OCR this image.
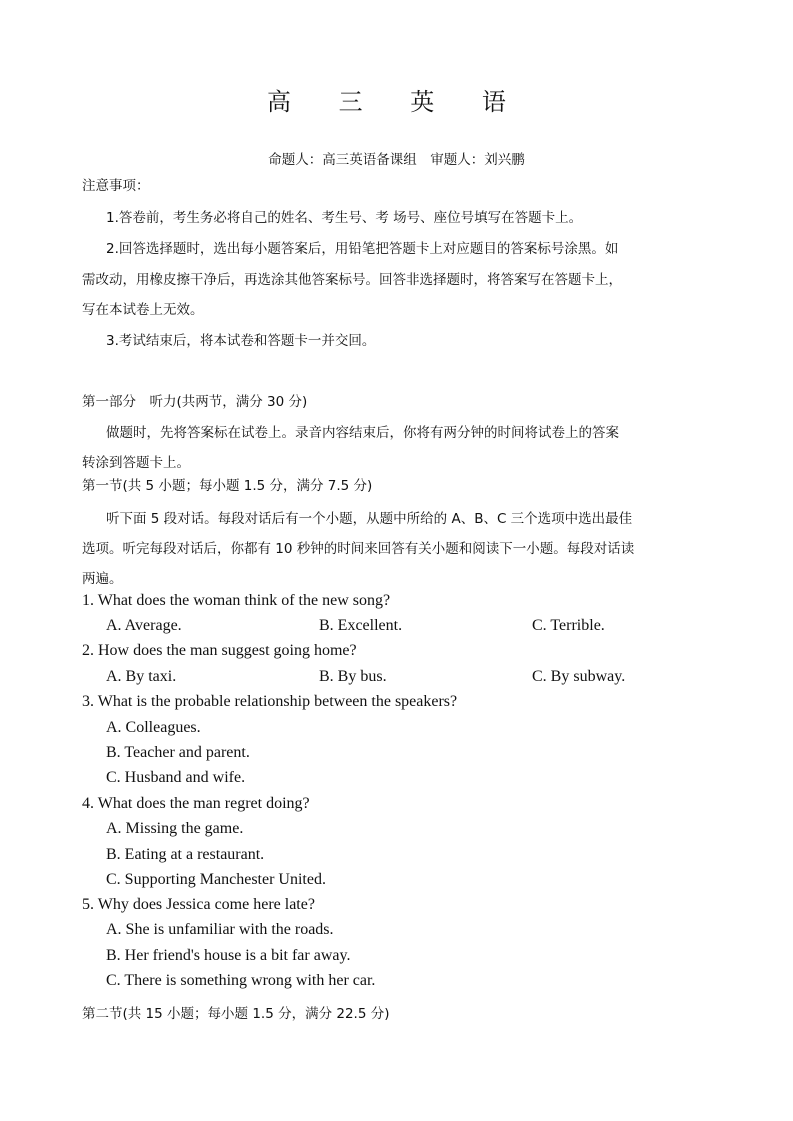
高 三 英 语
命题人：高三英语备课组　审题人：刘兴鹏
注意事项：
1.答卷前，考生务必将自己的姓名、考生号、考 场号、座位号填写在答题卡上。
2.回答选择题时，选出每小题答案后，用铅笔把答题卡上对应题目的答案标号涂黑。如
需改动，用橡皮擦干净后，再选涂其他答案标号。回答非选择题时，将答案写在答题卡上，
写在本试卷上无效。
3.考试结束后，将本试卷和答题卡一并交回。
第一部分　听力(共两节，满分 30 分)
做题时，先将答案标在试卷上。录音内容结束后，你将有两分钟的时间将试卷上的答案
转涂到答题卡上。
第一节(共 5 小题；每小题 1.5 分，满分 7.5 分)
听下面 5 段对话。每段对话后有一个小题，从题中所给的 A、B、C 三个选项中选出最佳
选项。听完每段对话后，你都有 10 秒钟的时间来回答有关小题和阅读下一小题。每段对话读
两遍。
1. What does the woman think of the new song?
A. Average.	B. Excellent.	C. Terrible.
2. How does the man suggest going home?
A. By taxi.	B. By bus.	C. By subway.
3. What is the probable relationship between the speakers?
A. Colleagues.
B. Teacher and parent.
C. Husband and wife.
4. What does the man regret doing?
A. Missing the game.
B. Eating at a restaurant.
C. Supporting Manchester United.
5. Why does Jessica come here late?
A. She is unfamiliar with the roads.
B. Her friend's house is a bit far away.
C. There is something wrong with her car.
第二节(共 15 小题；每小题 1.5 分，满分 22.5 分)
